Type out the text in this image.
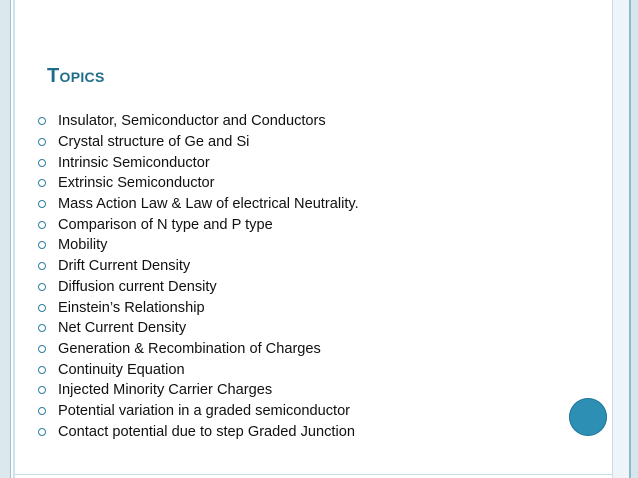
Topics
Insulator, Semiconductor and Conductors
Crystal structure of Ge and Si
Intrinsic Semiconductor
Extrinsic Semiconductor
Mass Action Law & Law of electrical Neutrality.
Comparison of N type and P type
Mobility
Drift Current Density
Diffusion current Density
Einstein’s Relationship
Net Current Density
Generation & Recombination of Charges
Continuity Equation
Injected Minority Carrier Charges
Potential variation in a graded semiconductor
Contact potential due to step Graded Junction
